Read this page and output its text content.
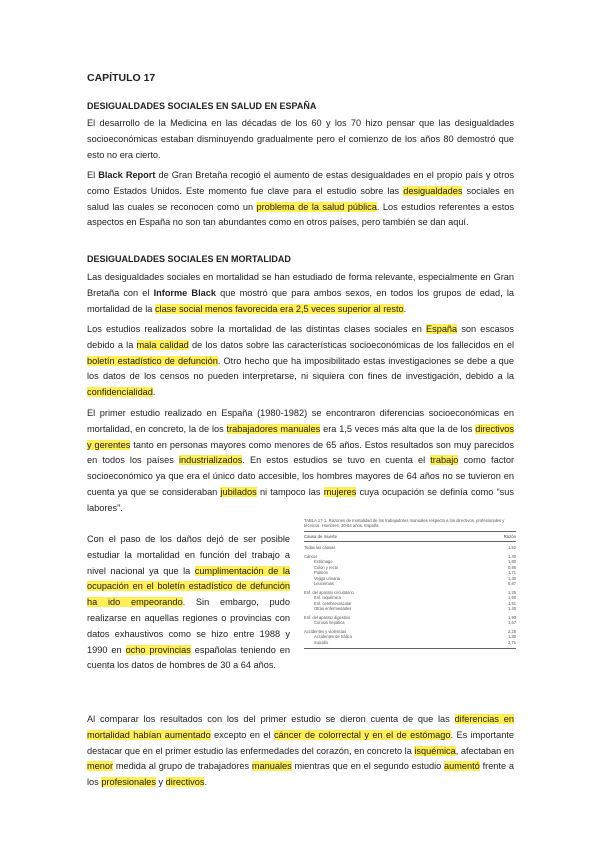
CAPÍTULO 17
DESIGUALDADES SOCIALES EN SALUD EN ESPAÑA

El desarrollo de la Medicina en las décadas de los 60 y los 70 hizo pensar que las desigualdades socioeconómicas estaban disminuyendo gradualmente pero el comienzo de los años 80 demostró que esto no era cierto.

El Black Report de Gran Bretaña recogió el aumento de estas desigualdades en el propio país y otros como Estados Unidos. Este momento fue clave para el estudio sobre las desigualdades sociales en salud las cuales se reconocen como un problema de la salud pública. Los estudios referentes a estos aspectos en España no son tan abundantes como en otros países, pero también se dan aquí.

DESIGUALDADES SOCIALES EN MORTALIDAD

Las desigualdades sociales en mortalidad se han estudiado de forma relevante, especialmente en Gran Bretaña con el Informe Black que mostró que para ambos sexos, en todos los grupos de edad, la mortalidad de la clase social menos favorecida era 2,5 veces superior al resto.

Los estudios realizados sobre la mortalidad de las distintas clases sociales en España son escasos debido a la mala calidad de los datos sobre las características socioeconómicas de los fallecidos en el boletín estadístico de defunción. Otro hecho que ha imposibilitado estas investigaciones se debe a que los datos de los censos no pueden interpretarse, ni siquiera con fines de investigación, debido a la confidencialidad.

El primer estudio realizado en España (1980-1982) se encontraron diferencias socioeconómicas en mortalidad, en concreto, la de los trabajadores manuales era 1,5 veces más alta que la de los directivos y gerentes tanto en personas mayores como menores de 65 años. Estos resultados son muy parecidos en todos los países industrializados. En estos estudios se tuvo en cuenta el trabajo como factor socioeconómico ya que era el único dato accesible, los hombres mayores de 64 años no se tuvieron en cuenta ya que se consideraban jubilados ni tampoco las mujeres cuya ocupación se definía como “sus labores”.

Con el paso de los daños dejó de ser posible estudiar la mortalidad en función del trabajo a nivel nacional ya que la cumplimentación de la ocupación en el boletín estadístico de defunción ha ido empeorando. Sin embargo, pudo realizarse en aquellas regiones o provincias con datos exhaustivos como se hizo entre 1988 y 1990 en ocho provincias españolas teniendo en cuenta los datos de hombres de 30 a 64 años.

TABLA 17-1. Razones de mortalidad de los trabajadores manuales respecto a los directivos, profesionales y técnicos. Hombres, 30-64 años. España
Causa de muerte	Razón
Todas las causas	1,52
Cáncer	1,40
Estómago	1,80
Colon y recto	0,85
Pulmón	1,71
Vejiga urinaria	1,30
Leucemias	0,87
Enf. del aparato circulatorio	1,25
Enf. isquémica	1,60
Enf. cerebrovascular	1,51
Otras enfermedades	1,40
Enf. del aparato digestivo	1,90
Cirrosis hepática	1,67
Accidentes y violencias	2,25
Accidentes de tráfico	1,80
Suicidio	2,71

Al comparar los resultados con los del primer estudio se dieron cuenta de que las diferencias en mortalidad habían aumentado excepto en el cáncer de colorrectal y en el de estómago. Es importante destacar que en el primer estudio las enfermedades del corazón, en concreto la isquémica, afectaban en menor medida al grupo de trabajadores manuales mientras que en el segundo estudio aumentó frente a los profesionales y directivos.
